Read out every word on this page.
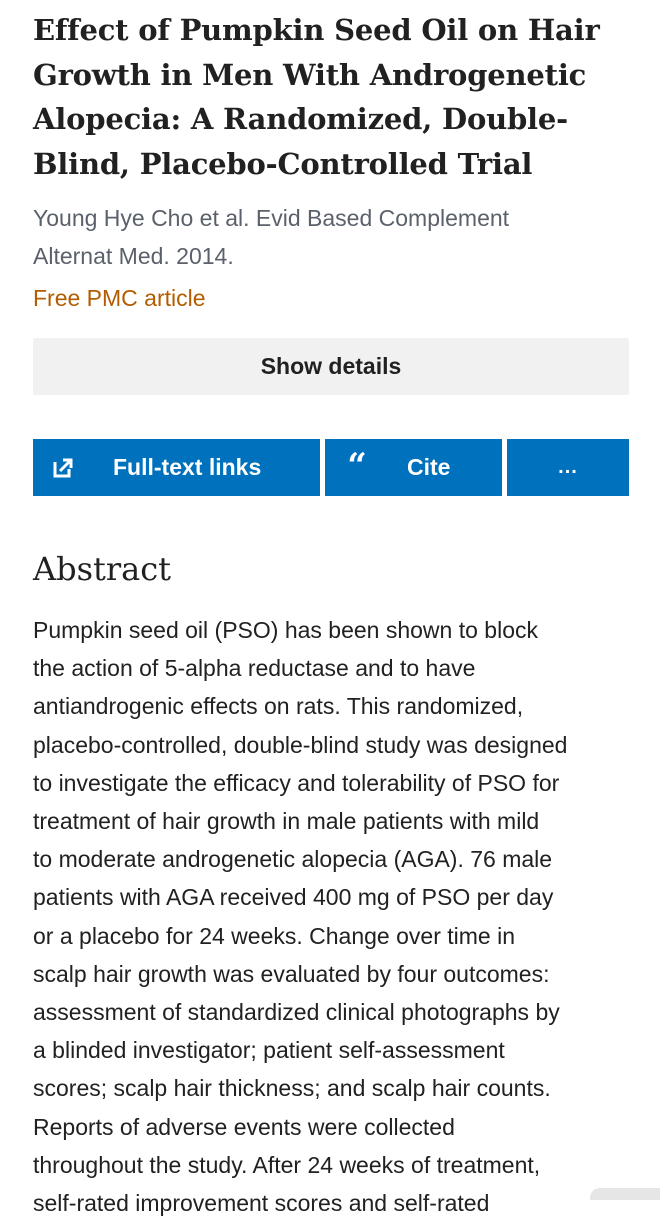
Effect of Pumpkin Seed Oil on Hair
Growth in Men With Androgenetic
Alopecia: A Randomized, Double-
Blind, Placebo-Controlled Trial
Young Hye Cho et al. Evid Based Complement
Alternat Med. 2014.
Free PMC article
Show details
Full-text links	“ Cite	...
Abstract

Pumpkin seed oil (PSO) has been shown to block
the action of 5-alpha reductase and to have
antiandrogenic effects on rats. This randomized,
placebo-controlled, double-blind study was designed
to investigate the efficacy and tolerability of PSO for
treatment of hair growth in male patients with mild
to moderate androgenetic alopecia (AGA). 76 male
patients with AGA received 400 mg of PSO per day
or a placebo for 24 weeks. Change over time in
scalp hair growth was evaluated by four outcomes:
assessment of standardized clinical photographs by
a blinded investigator; patient self-assessment
scores; scalp hair thickness; and scalp hair counts.
Reports of adverse events were collected
throughout the study. After 24 weeks of treatment,
self-rated improvement scores and self-rated
